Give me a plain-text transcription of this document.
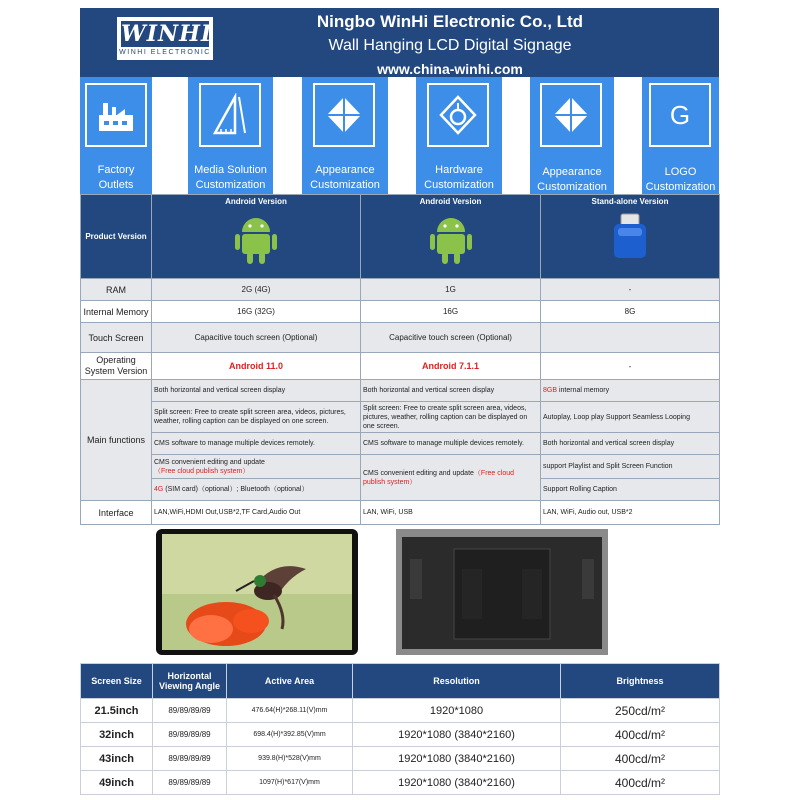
WINHI
WINHI ELECTRONIC
Ningbo WinHi Electronic Co., Ltd
Wall Hanging LCD Digital Signage
www.china-winhi.com
Factory
Outlets
Media Solution
Customization
Appearance
Customization
Hardware
Customization
Appearance
Customization
G
LOGO
Customization
Product Version	Android Version	Android Version	Stand-alone Version

RAM	2G (4G)	1G	-
Internal Memory	16G (32G)	16G	8G
Touch Screen	Capacitive touch screen (Optional)	Capacitive touch screen (Optional)	
Operating
System Version	Android 11.0	Android 7.1.1	-
Main functions	Both horizontal and vertical screen display	Both horizontal and vertical screen display	8GB internal memory
	Split screen: Free to create split screen area, videos, pictures, weather, rolling caption can be displayed on one screen.	Split screen: Free to create split screen area, videos, pictures, weather, rolling caption can be displayed on one screen.	Autoplay, Loop play Support Seamless Looping
	CMS software to manage multiple devices remotely.	CMS software to manage multiple devices remotely.	Both horizontal and vertical screen display
	CMS convenient editing and update（Free cloud publish system）	CMS convenient editing and update（Free cloud publish system）	support Playlist and Split Screen Function
	4G (SIM card)（optional）; Bluetooth（optional）		Support Rolling Caption
Interface	LAN,WiFi,HDMI Out,USB*2,TF Card,Audio Out	LAN, WiFi, USB	LAN, WiFi, Audio out, USB*2
Screen Size	Horizontal Viewing Angle	Active Area	Resolution	Brightness
21.5inch	89/89/89/89	476.64(H)*268.11(V)mm	1920*1080	250cd/m²
32inch	89/89/89/89	698.4(H)*392.85(V)mm	1920*1080 (3840*2160)	400cd/m²
43inch	89/89/89/89	939.8(H)*528(V)mm	1920*1080 (3840*2160)	400cd/m²
49inch	89/89/89/89	1097(H)*617(V)mm	1920*1080 (3840*2160)	400cd/m²
